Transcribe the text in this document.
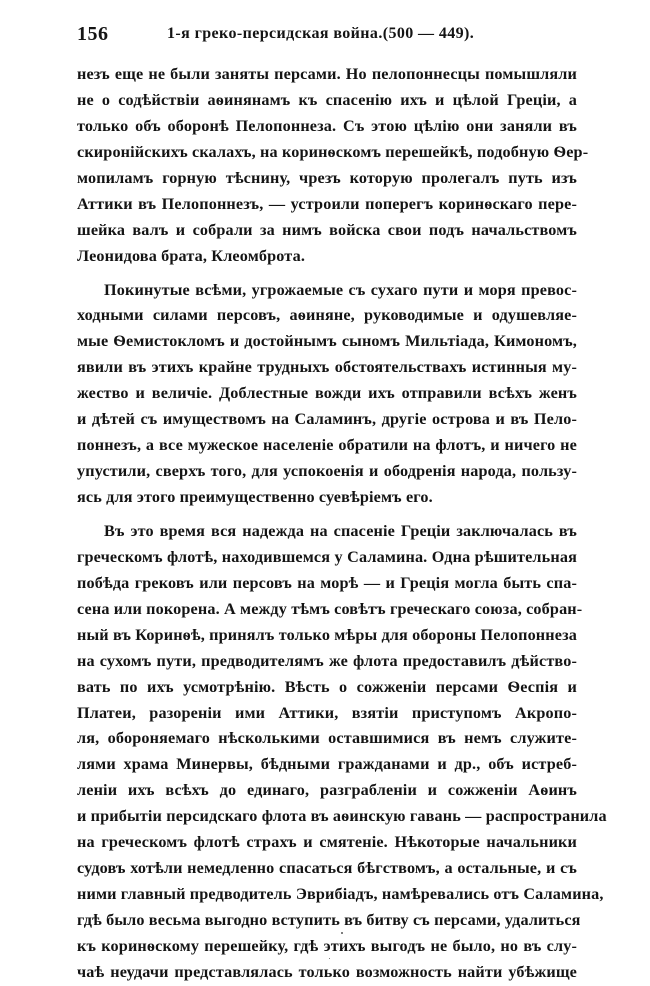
156	1-я греко-персидская война.(500 — 449).
незъ еще не были заняты персами. Но пелопоннесцы помышляли
не о содѣйствіи аѳинянамъ къ спасенію ихъ и цѣлой Греціи, а
только объ оборонѣ Пелопоннеза. Съ этою цѣлію они заняли въ
скиронійскихъ скалахъ, на коринѳскомъ перешейкѣ, подобную Ѳер-
мопиламъ горную тѣснину, чрезъ которую пролегалъ путь изъ
Аттики въ Пелопоннезъ, — устроили поперегъ коринѳскаго пере-
шейка валъ и собрали за нимъ войска свои подъ начальствомъ
Леонидова брата, Клеомброта.
Покинутые всѣми, угрожаемые съ сухаго пути и моря превос-
ходными силами персовъ, аѳиняне, руководимые и одушевляе-
мые Ѳемистокломъ и достойнымъ сыномъ Мильтіада, Кимономъ,
явили въ этихъ крайне трудныхъ обстоятельствахъ истинныя му-
жество и величіе. Доблестные вожди ихъ отправили всѣхъ женъ
и дѣтей съ имуществомъ на Саламинъ, другіе острова и въ Пело-
поннезъ, а все мужеское населеніе обратили на флотъ, и ничего не
упустили, сверхъ того, для успокоенія и ободренія народа, пользу-
ясь для этого преимущественно суевѣріемъ его.
Въ это время вся надежда на спасеніе Греціи заключалась въ
греческомъ флотѣ, находившемся у Саламина. Одна рѣшительная
побѣда грековъ или персовъ на морѣ — и Греція могла быть спа-
сена или покорена. А между тѣмъ совѣтъ греческаго союза, собран-
ный въ Коринѳѣ, принялъ только мѣры для обороны Пелопоннеза
на сухомъ пути, предводителямъ же флота предоставилъ дѣйство-
вать по ихъ усмотрѣнію. Вѣсть о сожженіи персами Ѳеспія и
Платеи, разореніи ими Аттики, взятіи приступомъ Акропо-
ля, обороняемаго нѣсколькими оставшимися въ немъ служите-
лями храма Минервы, бѣдными гражданами и др., объ истреб-
леніи ихъ всѣхъ до единаго, разграбленіи и сожженіи Аѳинъ
и прибытіи персидскаго флота въ аѳинскую гавань — распространила
на греческомъ флотѣ страхъ и смятеніе. Нѣкоторые начальники
судовъ хотѣли немедленно спасаться бѣгствомъ, а остальные, и съ
ними главный предводитель Эврибіадъ, намѣревались отъ Саламина,
гдѣ было весьма выгодно вступить въ битву съ персами, удалиться
къ коринѳскому перешейку, гдѣ этихъ выгодъ не было, но въ слу-
чаѣ неудачи представлялась только возможность найти убѣжище
